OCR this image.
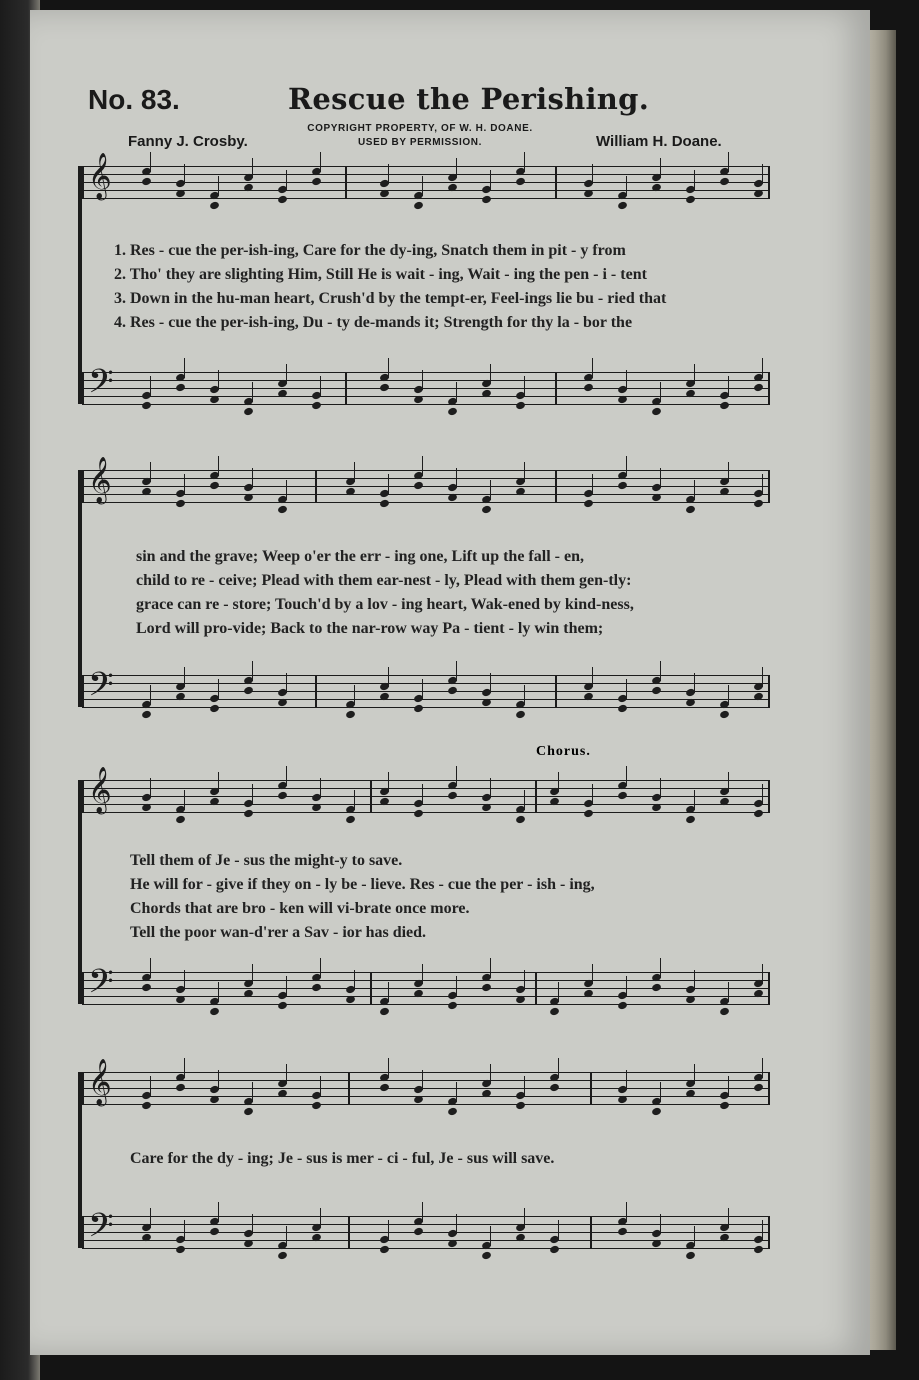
No. 83.	Rescue the Perishing.
Fanny J. Crosby.	William H. Doane.
COPYRIGHT PROPERTY, OF W. H. DOANE.
USED BY PERMISSION.
𝄞
𝄢
𝄞
𝄢
𝄞
𝄢
𝄞
𝄢
1. Res - cue the per-ish-ing, Care for the dy-ing, Snatch them in pit - y from
2. Tho' they are slighting Him, Still He is wait - ing, Wait - ing the pen - i - tent
3. Down in the hu-man heart, Crush'd by the tempt-er, Feel-ings lie bu - ried that
4. Res - cue the per-ish-ing, Du - ty de-mands it; Strength for thy la - bor the
sin and the grave; Weep o'er the err - ing one, Lift up the fall - en,
child to re - ceive; Plead with them ear-nest - ly, Plead with them gen-tly:
grace can re - store; Touch'd by a lov - ing heart, Wak-ened by kind-ness,
Lord will pro-vide; Back to the nar-row way Pa - tient - ly win them;
Tell them of Je - sus the might-y to save.
He will for - give if they on - ly be - lieve. Res - cue the per - ish - ing,
Chords that are bro - ken will vi-brate once more.
Tell the poor wan-d'rer a Sav - ior has died.
Care for the dy - ing; Je - sus is mer - ci - ful, Je - sus will save.
Chorus.
